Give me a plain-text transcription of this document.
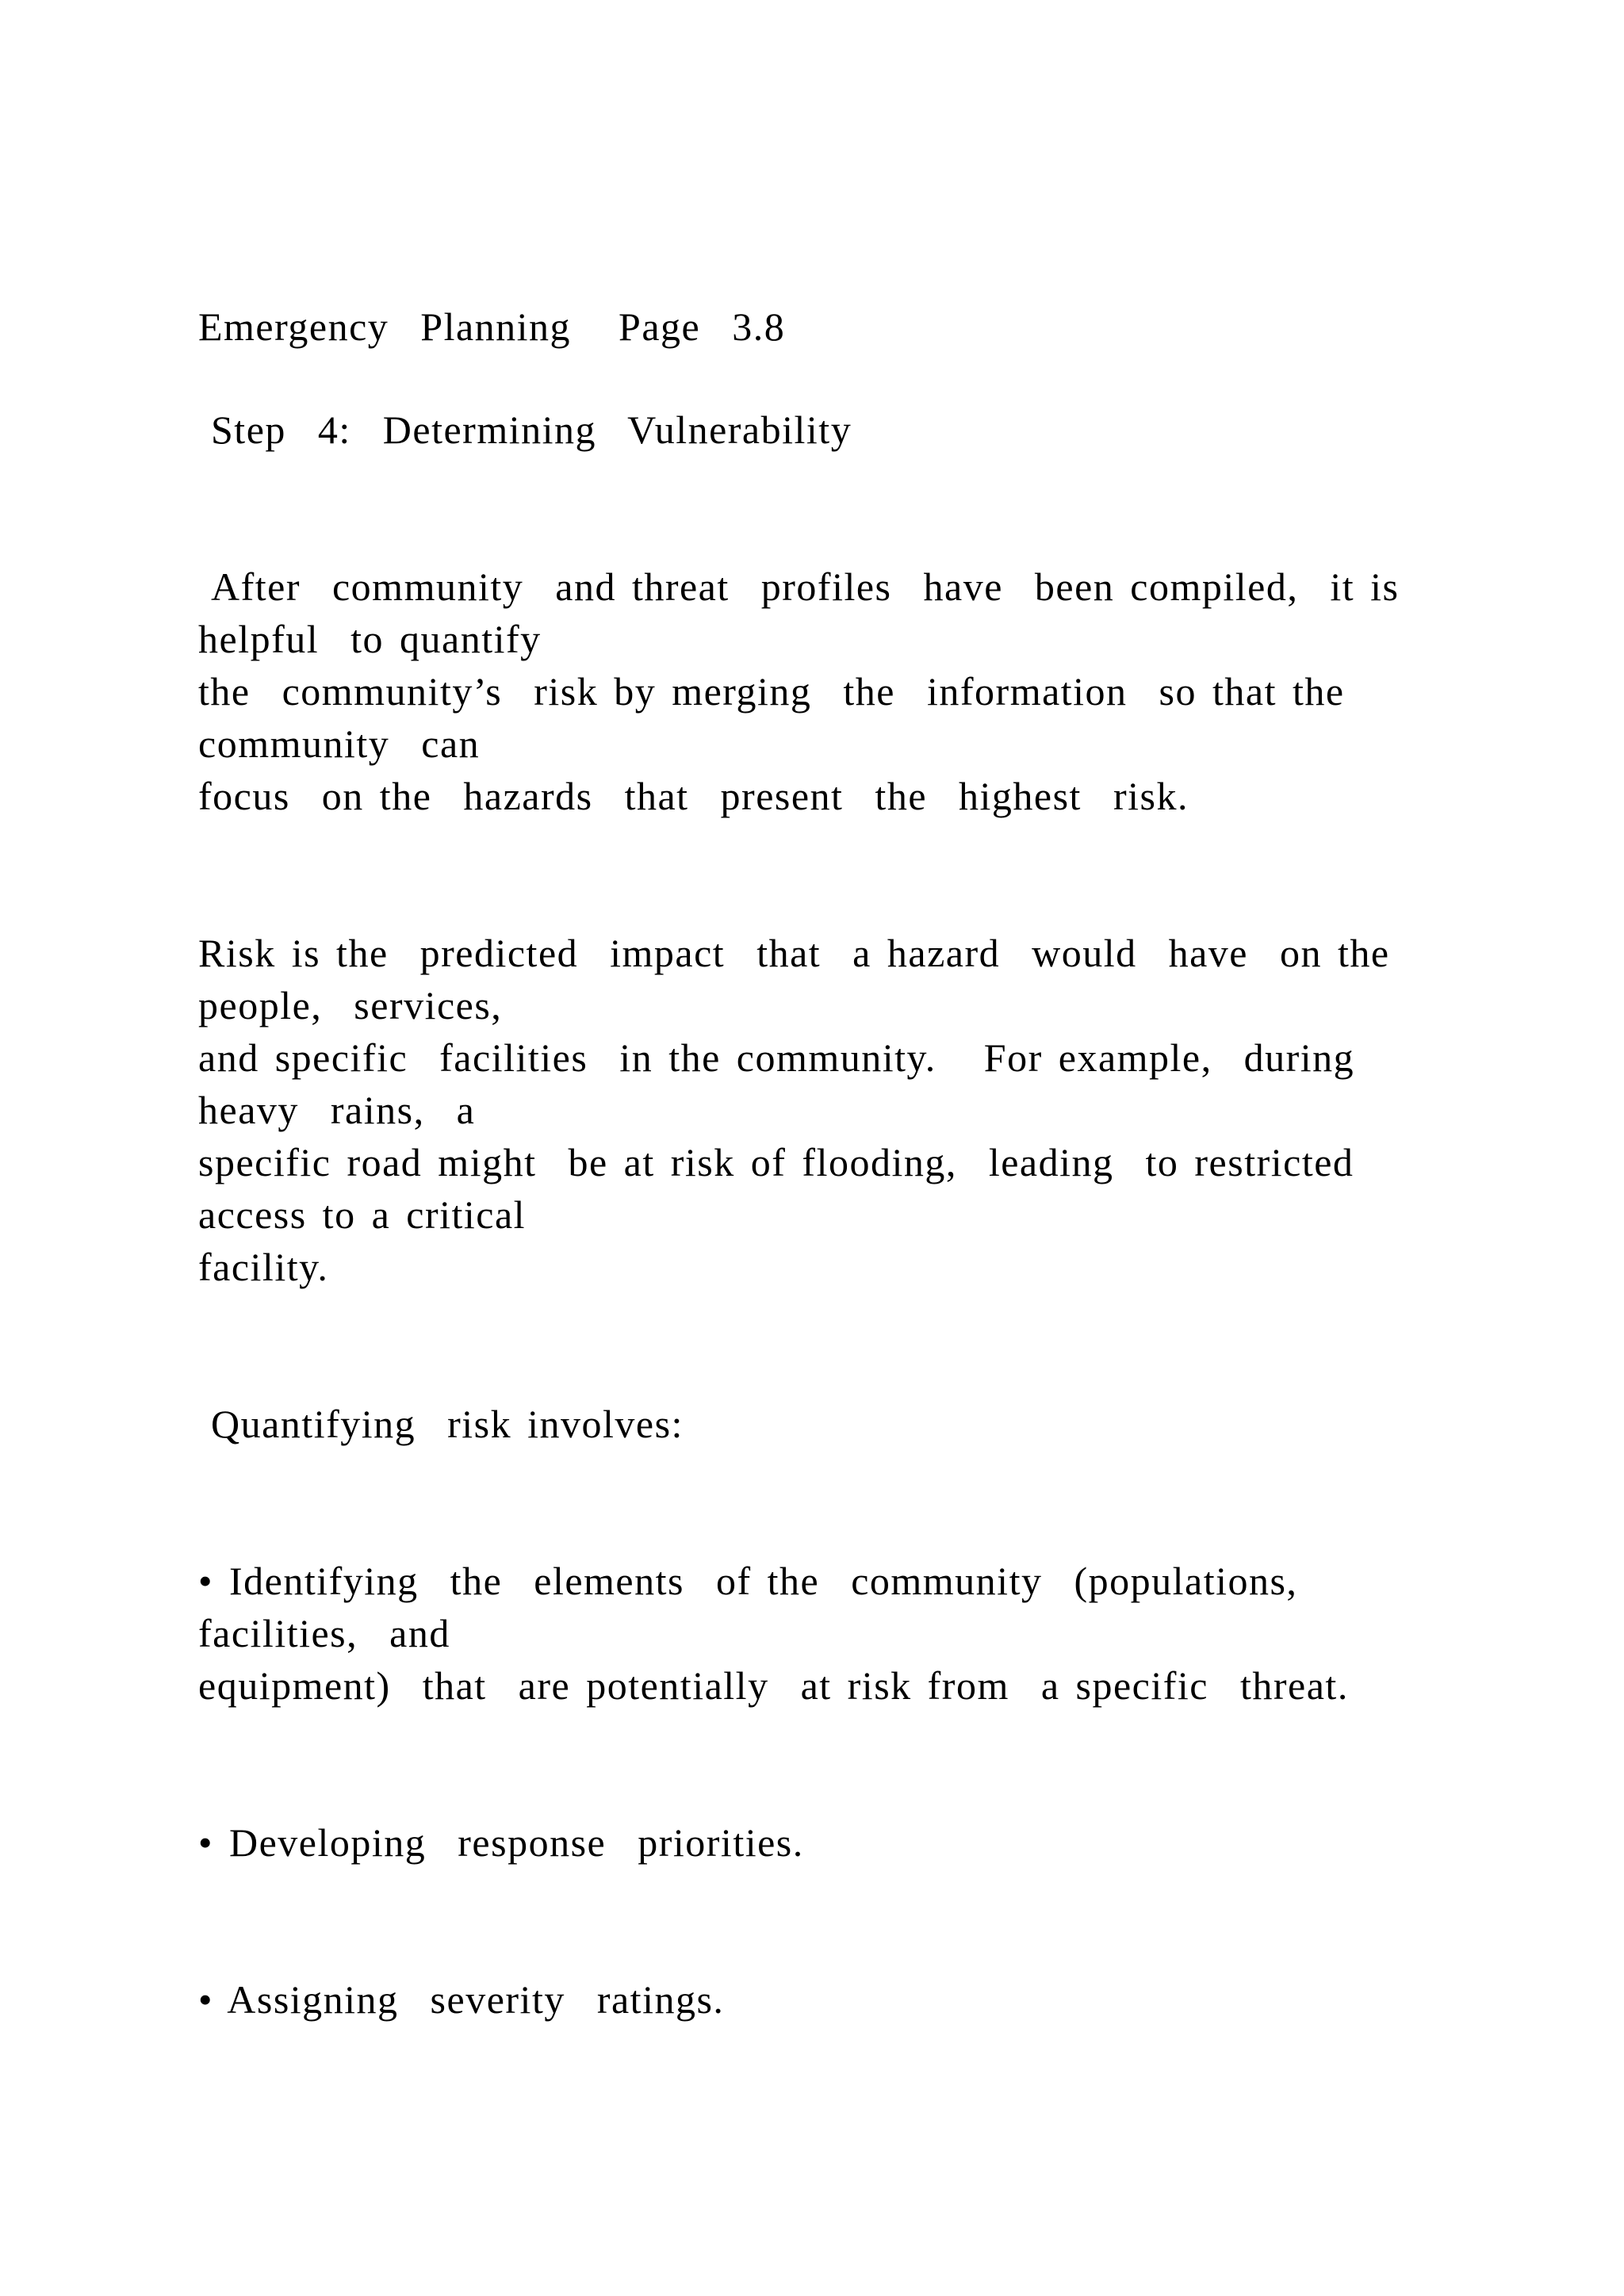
Emergency  Planning   Page  3.8
Step  4:  Determining  Vulnerability
After  community  and threat  profiles  have  been compiled,  it is
helpful  to quantify
the  community’s  risk by merging  the  information  so that the
community  can
focus  on the  hazards  that  present  the  highest  risk.
Risk is the  predicted  impact  that  a hazard  would  have  on the
people,  services,
and specific  facilities  in the community.   For example,  during
heavy  rains,  a
specific road might  be at risk of flooding,  leading  to restricted
access to a critical
facility.
Quantifying  risk involves:
• Identifying  the  elements  of the  community  (populations,
facilities,  and
equipment)  that  are potentially  at risk from  a specific  threat.
• Developing  response  priorities.
• Assigning  severity  ratings.
